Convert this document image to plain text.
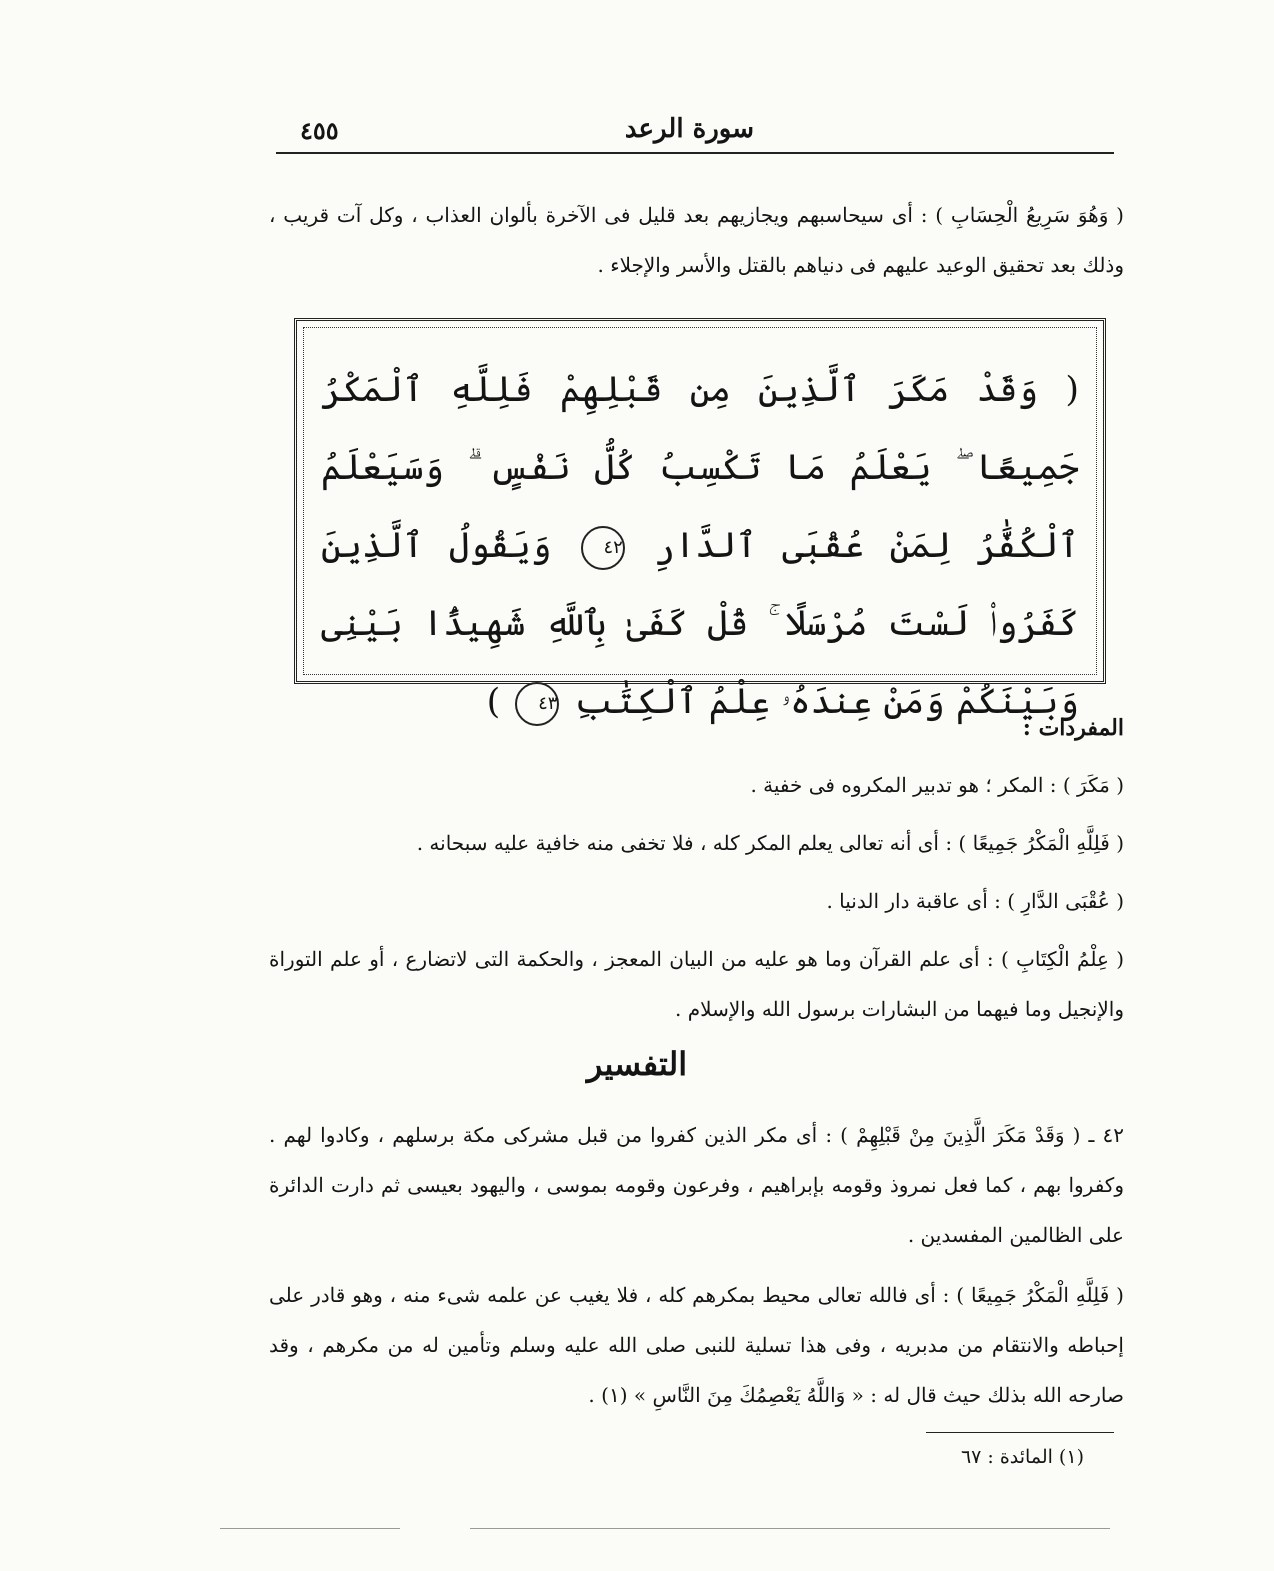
سورة الرعد
٤٥٥

( وَهُوَ سَرِيعُ الْحِسَابِ ) : أى سيحاسبهم ويجازيهم بعد قليل فى الآخرة بألوان العذاب ، وكل آت قريب ، وذلك بعد تحقيق الوعيد عليهم فى دنياهم بالقتل والأسر والإجلاء .

( وَقَدْ مَكَرَ ٱلَّذِينَ مِن قَبْلِهِمْ فَلِلَّهِ ٱلْمَكْرُ جَمِيعًا ۖ يَعْلَمُ مَا تَكْسِبُ كُلُّ نَفْسٍ ۗ وَسَيَعْلَمُ ٱلْكُفَّٰرُ لِمَنْ عُقْبَى ٱلدَّارِ ٤٢ وَيَقُولُ ٱلَّذِينَ كَفَرُوا۟ لَسْتَ مُرْسَلًا ۚ قُلْ كَفَىٰ بِٱللَّهِ شَهِيدًۢا بَيْنِى وَبَيْنَكُمْ وَمَنْ عِندَهُۥ عِلْمُ ٱلْكِتَٰبِ ٤٣ )
المفردات :
( مَكَرَ ) : المكر ؛ هو تدبير المكروه فى خفية .
( فَلِلَّهِ الْمَكْرُ جَمِيعًا ) : أى أنه تعالى يعلم المكر كله ، فلا تخفى منه خافية عليه سبحانه .
( عُقْبَى الدَّارِ ) : أى عاقبة دار الدنيا .
( عِلْمُ الْكِتَابِ ) : أى علم القرآن وما هو عليه من البيان المعجز ، والحكمة التى لاتضارع ، أو علم التوراة والإنجيل وما فيهما من البشارات برسول الله والإسلام .
التفسير

٤٢ ـ ( وَقَدْ مَكَرَ الَّذِينَ مِنْ قَبْلِهِمْ ) : أى مكر الذين كفروا من قبل مشركى مكة برسلهم ، وكادوا لهم . وكفروا بهم ، كما فعل نمروذ وقومه بإبراهيم ، وفرعون وقومه بموسى ، واليهود بعيسى ثم دارت الدائرة على الظالمين المفسدين .

( فَلِلَّهِ الْمَكْرُ جَمِيعًا ) : أى فالله تعالى محيط بمكرهم كله ، فلا يغيب عن علمه شىء منه ، وهو قادر على إحباطه والانتقام من مدبريه ، وفى هذا تسلية للنبى صلى الله عليه وسلم وتأمين له من مكرهم ، وقد صارحه الله بذلك حيث قال له : « وَاللَّهُ يَعْصِمُكَ مِنَ النَّاسِ » (١) .

(١) المائدة : ٦٧
